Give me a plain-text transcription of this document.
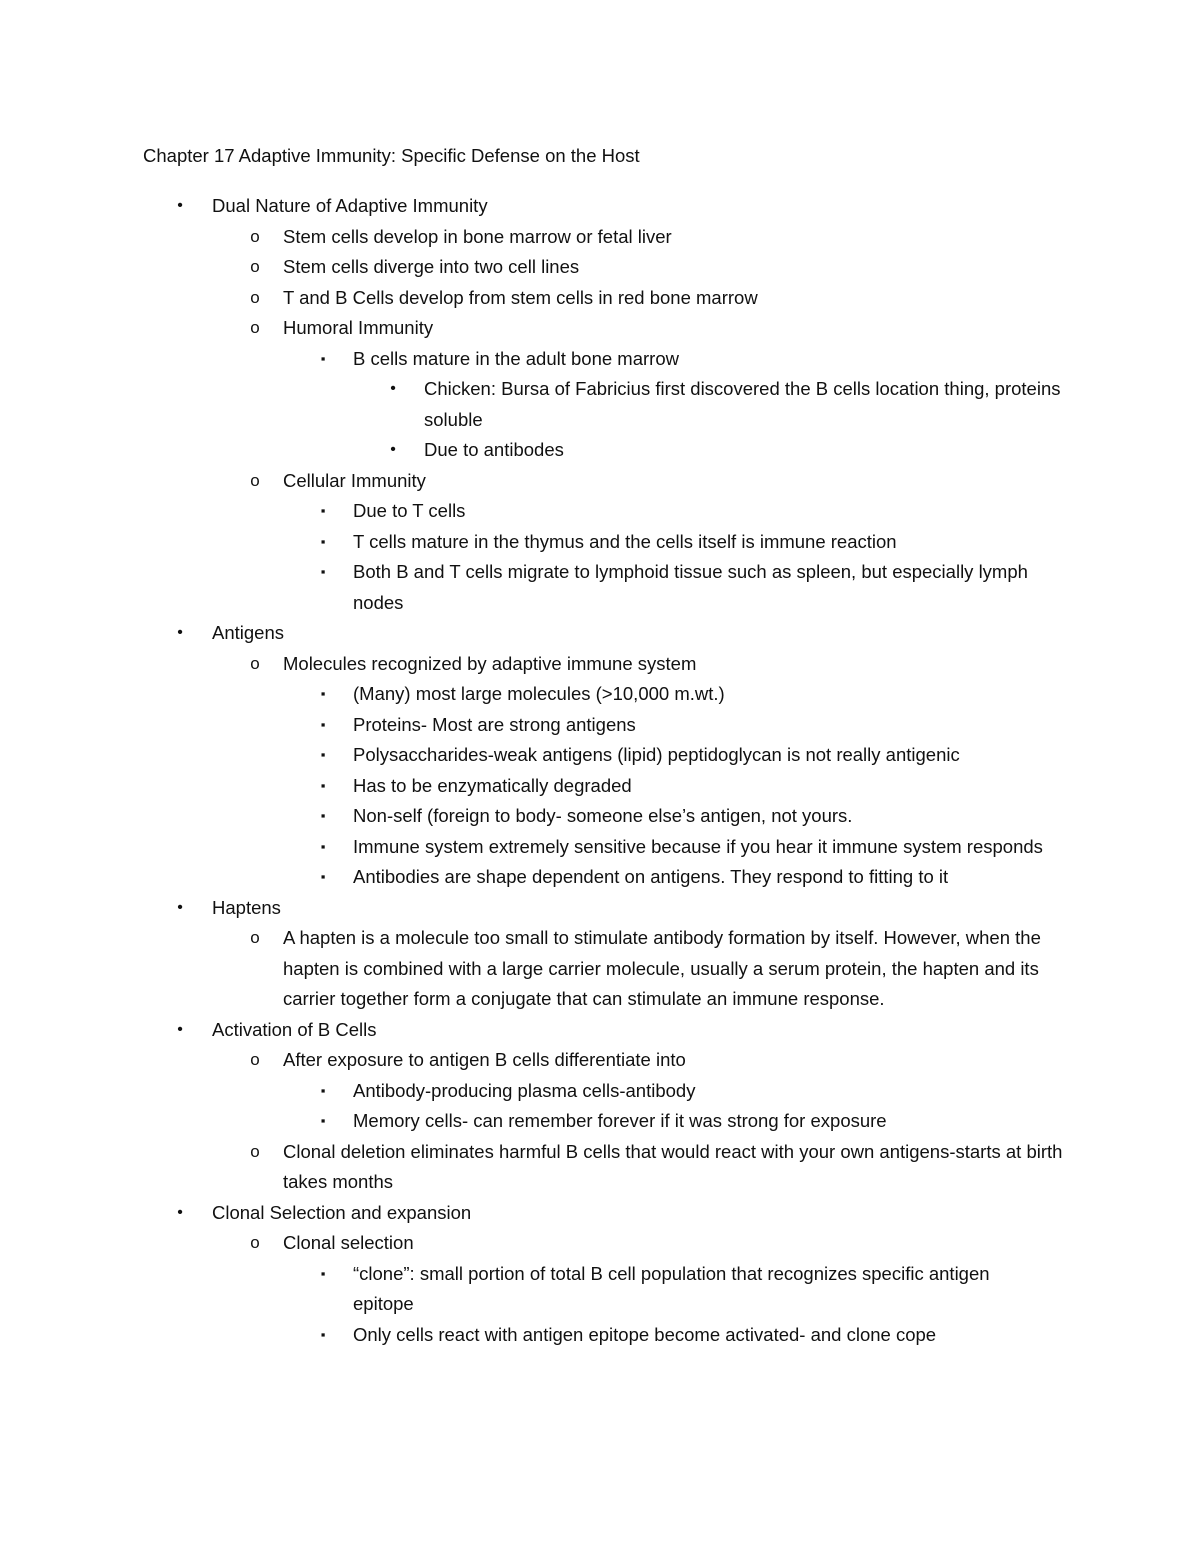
Chapter 17 Adaptive Immunity: Specific Defense on the Host
•	Dual Nature of Adaptive Immunity
o Stem cells develop in bone marrow or fetal liver
o Stem cells diverge into two cell lines
o T and B Cells develop from stem cells in red bone marrow
o Humoral Immunity
▪	B cells mature in the adult bone marrow
•	Chicken: Bursa of Fabricius first discovered the B cells location thing, proteins soluble
•	Due to antibodes
o Cellular Immunity
▪	Due to T cells
▪	T cells mature in the thymus and the cells itself is immune reaction
▪	Both B and T cells migrate to lymphoid tissue such as spleen, but especially lymph nodes
•	Antigens
o Molecules recognized by adaptive immune system
▪	(Many) most large molecules (>10,000 m.wt.)
▪	Proteins- Most are strong antigens
▪	Polysaccharides-weak antigens (lipid) peptidoglycan is not really antigenic
▪	Has to be enzymatically degraded
▪	Non-self (foreign to body- someone else’s antigen, not yours.
▪	Immune system extremely sensitive because if you hear it immune system responds
▪	Antibodies are shape dependent on antigens. They respond to fitting to it
•	Haptens
o A hapten is a molecule too small to stimulate antibody formation by itself. However, when the hapten is combined with a large carrier molecule, usually a serum protein, the hapten and its carrier together form a conjugate that can stimulate an immune response.
•	Activation of B Cells
o After exposure to antigen B cells differentiate into
▪	Antibody-producing plasma cells-antibody
▪	Memory cells- can remember forever if it was strong for exposure
o Clonal deletion eliminates harmful B cells that would react with your own antigens-starts at birth takes months
•	Clonal Selection and expansion
o Clonal selection
▪	“clone”: small portion of total B cell population that recognizes specific antigen epitope
▪	Only cells react with antigen epitope become activated- and clone cope
